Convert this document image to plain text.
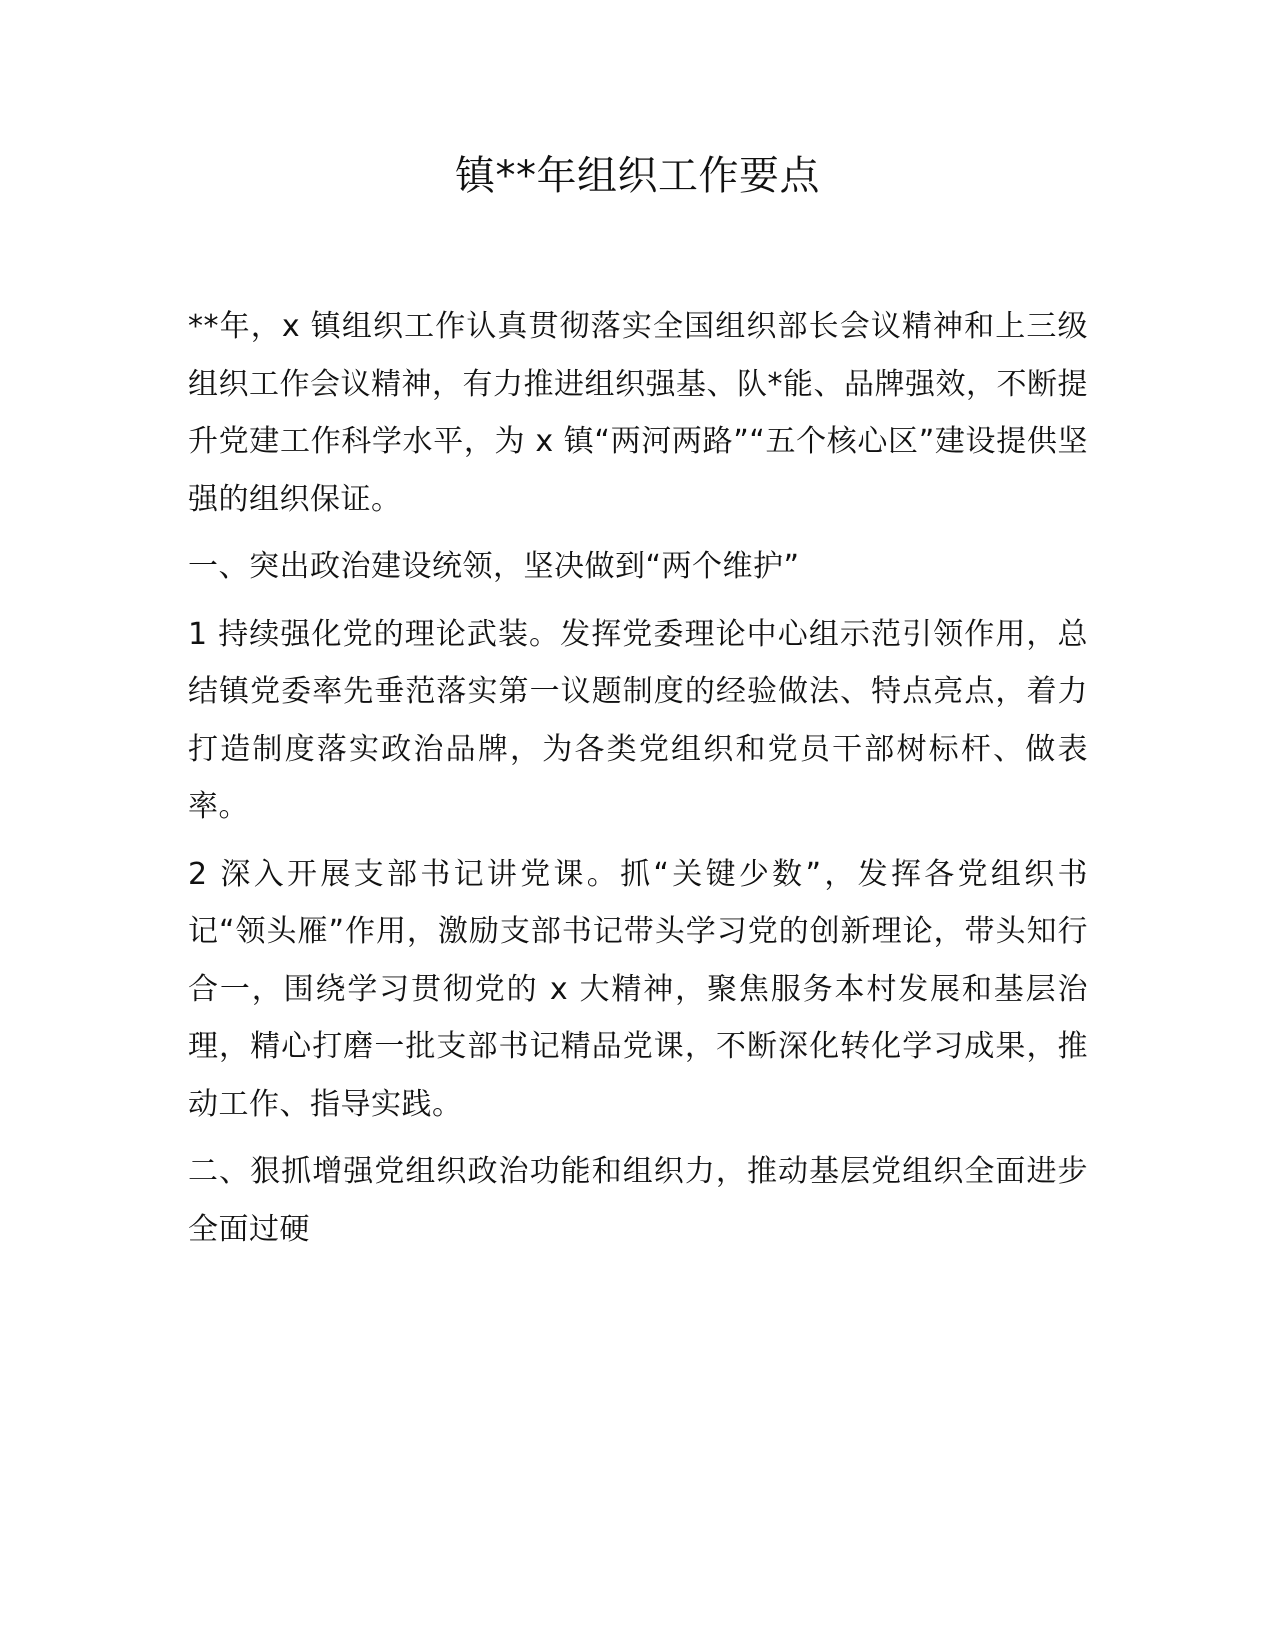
镇**年组织工作要点

**年，x 镇组织工作认真贯彻落实全国组织部长会议精神和上三级组织工作会议精神，有力推进组织强基、队*能、品牌强效，不断提升党建工作科学水平，为 x 镇“两河两路”“五个核心区”建设提供坚强的组织保证。

一、突出政治建设统领，坚决做到“两个维护”

1 持续强化党的理论武装。发挥党委理论中心组示范引领作用，总结镇党委率先垂范落实第一议题制度的经验做法、特点亮点，着力打造制度落实政治品牌，为各类党组织和党员干部树标杆、做表率。

2 深入开展支部书记讲党课。抓“关键少数”，发挥各党组织书记“领头雁”作用，激励支部书记带头学习党的创新理论，带头知行合一，围绕学习贯彻党的 x 大精神，聚焦服务本村发展和基层治理，精心打磨一批支部书记精品党课，不断深化转化学习成果，推动工作、指导实践。

二、狠抓增强党组织政治功能和组织力，推动基层党组织全面进步全面过硬
